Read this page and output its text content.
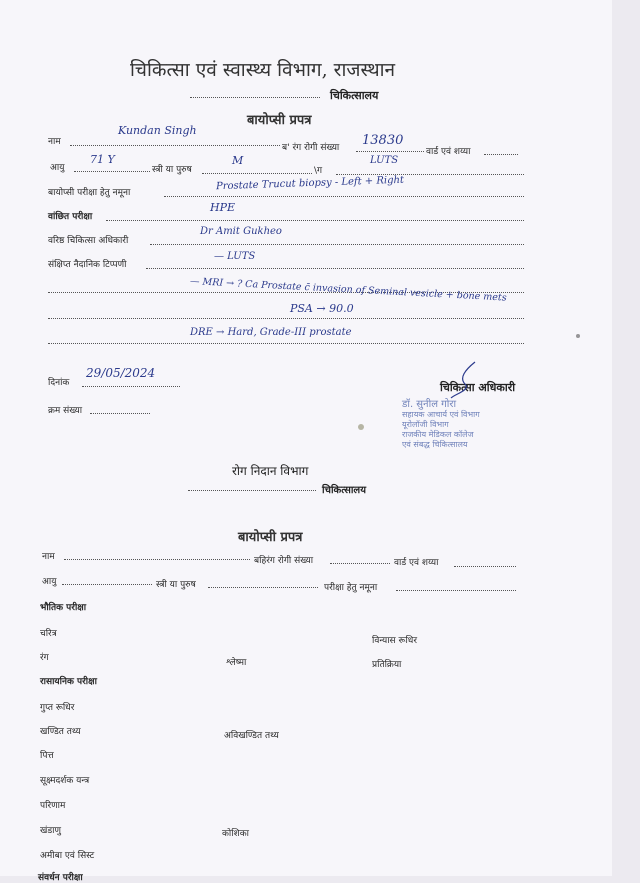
चिकित्सा एवं स्वास्थ्य विभाग, राजस्थान
चिकित्सालय
बायोप्सी प्रपत्र
नाम
Kundan Singh
ब' रंग रोगी संख्या 13830
वार्ड एवं शय्या
आयु
71 Y
स्त्री या पुरुष
M
\ग
LUTS
बायोप्सी परीक्षा हेतु नमूना
Prostate Trucut biopsy - Left + Right
वांछित परीक्षा
HPE
वरिष्ठ चिकित्सा अधिकारी
Dr Amit Gukheo
संक्षिप्त नैदानिक टिप्पणी
— LUTS
— MRI → ? Ca Prostate c̄ invasion of Seminal vesicle + bone mets
PSA → 90.0
DRE → Hard, Grade-III prostate
दिनांक
29/05/2024
क्रम संख्या
चिकित्सा अधिकारी
डॉ. सुनील गोरा
सहायक आचार्य एवं विभाग
यूरोलॉजी विभाग
राजकीय मेडिकल कॉलेज
एवं संबद्ध चिकित्सालय
रोग निदान विभाग
चिकित्सालय
बायोप्सी प्रपत्र
नाम	बहिरंग रोगी संख्या	वार्ड एवं शय्या
आयु	स्त्री या पुरुष	परीक्षा हेतु नमूना
भौतिक परीक्षा
चरित्र
विन्यास रूधिर
रंग	श्लेष्मा	प्रतिक्रिया
रासायनिक परीक्षा
गुप्त रूधिर
खण्डित तथ्य	अविखण्डित तथ्य
पित्त
सूक्ष्मदर्शक यन्त्र
परिणाम
खंडाणु	कोशिका
अमीबा एवं सिस्ट
संवर्धन परीक्षा
